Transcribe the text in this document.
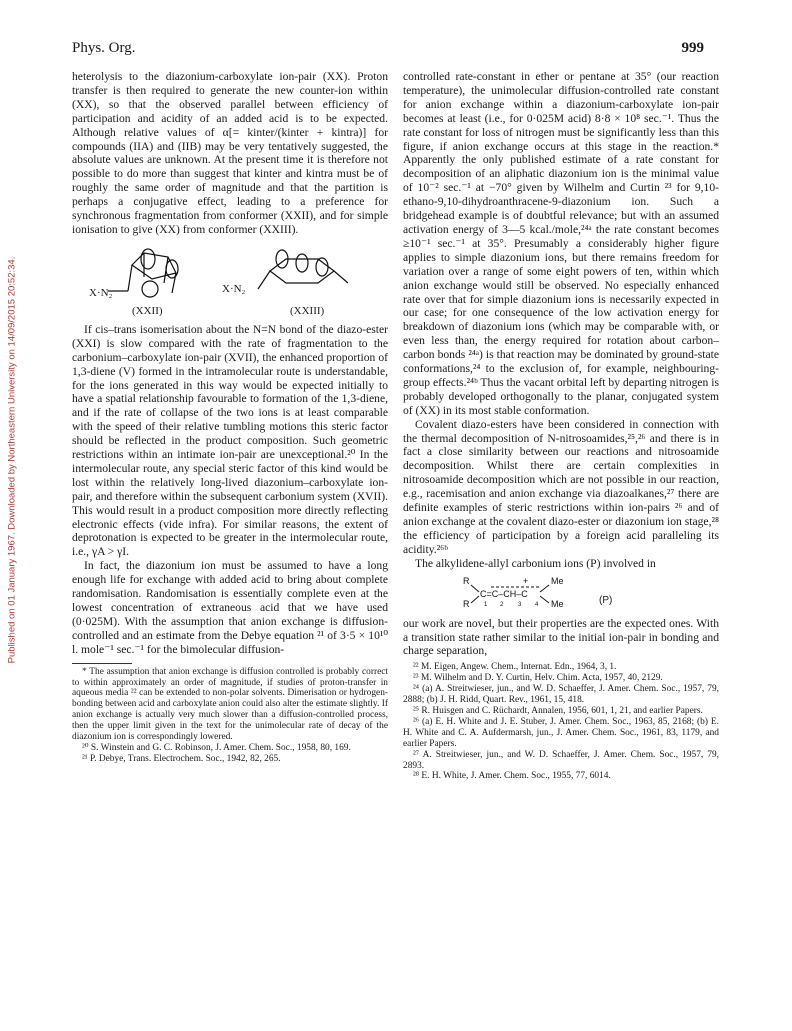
Phys. Org.	999
Published on 01 January 1967. Downloaded by Northeastern University on 14/09/2015 20:52:34.

heterolysis to the diazonium-carboxylate ion-pair (XX). Proton transfer is then required to generate the new counter-ion within (XX), so that the observed parallel between efficiency of participation and acidity of an added acid is to be expected. Although relative values of α[= kinter/(kinter + kintra)] for compounds (IIA) and (IIB) may be very tentatively suggested, the absolute values are unknown. At the present time it is therefore not possible to do more than suggest that kinter and kintra must be of roughly the same order of magnitude and that the partition is perhaps a conjugative effect, leading to a preference for synchronous fragmentation from conformer (XXII), and for simple ionisation to give (XX) from conformer (XXIII).

X·N₂	X·N₂
(XXII)	(XXIII)

If cis–trans isomerisation about the N=N bond of the diazo-ester (XXI) is slow compared with the rate of fragmentation to the carbonium–carboxylate ion-pair (XVII), the enhanced proportion of 1,3-diene (V) formed in the intramolecular route is understandable, for the ions generated in this way would be expected initially to have a spatial relationship favourable to formation of the 1,3-diene, and if the rate of collapse of the two ions is at least comparable with the speed of their relative tumbling motions this steric factor should be reflected in the product composition. Such geometric restrictions within an intimate ion-pair are unexceptional.²⁰ In the intermolecular route, any special steric factor of this kind would be lost within the relatively long-lived diazonium–carboxylate ion-pair, and therefore within the subsequent carbonium system (XVII). This would result in a product composition more directly reflecting electronic effects (vide infra). For similar reasons, the extent of deprotonation is expected to be greater in the intermolecular route, i.e., γA > γI.

In fact, the diazonium ion must be assumed to have a long enough life for exchange with added acid to bring about complete randomisation. Randomisation is essentially complete even at the lowest concentration of extraneous acid that we have used (0·025M). With the assumption that anion exchange is diffusion-controlled and an estimate from the Debye equation ²¹ of 3·5 × 10¹⁰ l. mole⁻¹ sec.⁻¹ for the bimolecular diffusion-

* The assumption that anion exchange is diffusion controlled is probably correct to within approximately an order of magnitude, if studies of proton-transfer in aqueous media ²² can be extended to non-polar solvents. Dimerisation or hydrogen-bonding between acid and carboxylate anion could also alter the estimate slightly. If anion exchange is actually very much slower than a diffusion-controlled process, then the upper limit given in the text for the unimolecular rate of decay of the diazonium ion is correspondingly lowered.

²⁰ S. Winstein and G. C. Robinson, J. Amer. Chem. Soc., 1958, 80, 169.

²¹ P. Debye, Trans. Electrochem. Soc., 1942, 82, 265.

controlled rate-constant in ether or pentane at 35° (our reaction temperature), the unimolecular diffusion-controlled rate constant for anion exchange within a diazonium-carboxylate ion-pair becomes at least (i.e., for 0·025M acid) 8·8 × 10⁸ sec.⁻¹. Thus the rate constant for loss of nitrogen must be significantly less than this figure, if anion exchange occurs at this stage in the reaction.* Apparently the only published estimate of a rate constant for decomposition of an aliphatic diazonium ion is the minimal value of 10⁻² sec.⁻¹ at −70° given by Wilhelm and Curtin ²³ for 9,10-ethano-9,10-dihydroanthracene-9-diazonium ion. Such a bridgehead example is of doubtful relevance; but with an assumed activation energy of 3—5 kcal./mole,²⁴ᵃ the rate constant becomes ≥10⁻¹ sec.⁻¹ at 35°. Presumably a considerably higher figure applies to simple diazonium ions, but there remains freedom for variation over a range of some eight powers of ten, within which anion exchange would still be observed. No especially enhanced rate over that for simple diazonium ions is necessarily expected in our case; for one consequence of the low activation energy for breakdown of diazonium ions (which may be comparable with, or even less than, the energy required for rotation about carbon–carbon bonds ²⁴ᵃ) is that reaction may be dominated by ground-state conformations,²⁴ to the exclusion of, for example, neighbouring-group effects.²⁴ᵇ Thus the vacant orbital left by departing nitrogen is probably developed orthogonally to the planar, conjugated system of (XX) in its most stable conformation.

Covalent diazo-esters have been considered in connection with the thermal decomposition of N-nitrosoamides,²⁵,²⁶ and there is in fact a close similarity between our reactions and nitrosoamide decomposition. Whilst there are certain complexities in nitrosoamide decomposition which are not possible in our reaction, e.g., racemisation and anion exchange via diazoalkanes,²⁷ there are definite examples of steric restrictions within ion-pairs ²⁶ and of anion exchange at the covalent diazo-ester or diazonium ion stage,²⁸ the efficiency of participation by a foreign acid paralleling its acidity.²⁶ᵇ

The alkylidene-allyl carbonium ions (P) involved in

R
R
C=C–CH–C
+	Me
Me
1 2 3 4	(P)

our work are novel, but their properties are the expected ones. With a transition state rather similar to the initial ion-pair in bonding and charge separation,

²² M. Eigen, Angew. Chem., Internat. Edn., 1964, 3, 1.

²³ M. Wilhelm and D. Y. Curtin, Helv. Chim. Acta, 1957, 40, 2129.

²⁴ (a) A. Streitwieser, jun., and W. D. Schaeffer, J. Amer. Chem. Soc., 1957, 79, 2888; (b) J. H. Ridd, Quart. Rev., 1961, 15, 418.

²⁵ R. Huisgen and C. Rüchardt, Annalen, 1956, 601, 1, 21, and earlier Papers.

²⁶ (a) E. H. White and J. E. Stuber, J. Amer. Chem. Soc., 1963, 85, 2168; (b) E. H. White and C. A. Aufdermarsh, jun., J. Amer. Chem. Soc., 1961, 83, 1179, and earlier Papers.

²⁷ A. Streitwieser, jun., and W. D. Schaeffer, J. Amer. Chem. Soc., 1957, 79, 2893.

²⁸ E. H. White, J. Amer. Chem. Soc., 1955, 77, 6014.
